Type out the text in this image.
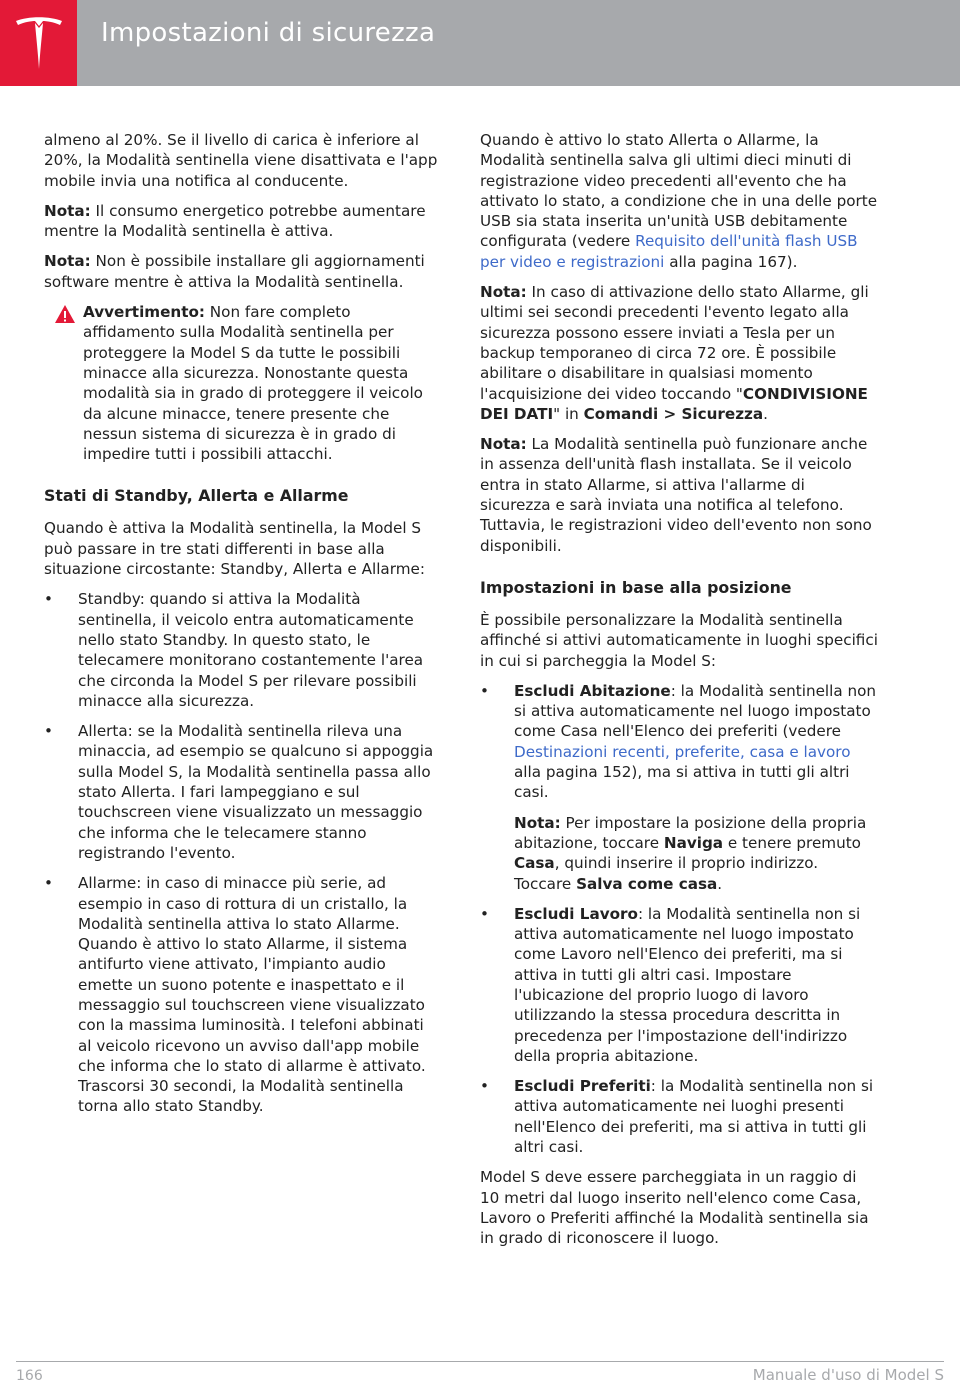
Impostazioni di sicurezza

almeno al 20%. Se il livello di carica è inferiore al 20%, la Modalità sentinella viene disattivata e l'app mobile invia una notifica al conducente.

Nota: Il consumo energetico potrebbe aumentare mentre la Modalità sentinella è attiva.

Nota: Non è possibile installare gli aggiornamenti software mentre è attiva la Modalità sentinella.

Avvertimento: Non fare completo affidamento sulla Modalità sentinella per proteggere la Model S da tutte le possibili minacce alla sicurezza. Nonostante questa modalità sia in grado di proteggere il veicolo da alcune minacce, tenere presente che nessun sistema di sicurezza è in grado di impedire tutti i possibili attacchi.
Stati di Standby, Allerta e Allarme

Quando è attiva la Modalità sentinella, la Model S può passare in tre stati differenti in base alla situazione circostante: Standby, Allerta e Allarme:

• Standby: quando si attiva la Modalità sentinella, il veicolo entra automaticamente nello stato Standby. In questo stato, le telecamere monitorano costantemente l'area che circonda la Model S per rilevare possibili minacce alla sicurezza.
• Allerta: se la Modalità sentinella rileva una minaccia, ad esempio se qualcuno si appoggia sulla Model S, la Modalità sentinella passa allo stato Allerta. I fari lampeggiano e sul touchscreen viene visualizzato un messaggio che informa che le telecamere stanno registrando l'evento.
• Allarme: in caso di minacce più serie, ad esempio in caso di rottura di un cristallo, la Modalità sentinella attiva lo stato Allarme. Quando è attivo lo stato Allarme, il sistema antifurto viene attivato, l'impianto audio emette un suono potente e inaspettato e il messaggio sul touchscreen viene visualizzato con la massima luminosità. I telefoni abbinati al veicolo ricevono un avviso dall'app mobile che informa che lo stato di allarme è attivato. Trascorsi 30 secondi, la Modalità sentinella torna allo stato Standby.

Quando è attivo lo stato Allerta o Allarme, la Modalità sentinella salva gli ultimi dieci minuti di registrazione video precedenti all'evento che ha attivato lo stato, a condizione che in una delle porte USB sia stata inserita un'unità USB debitamente configurata (vedere Requisito dell'unità flash USB per video e registrazioni alla pagina 167).

Nota: In caso di attivazione dello stato Allarme, gli ultimi sei secondi precedenti l'evento legato alla sicurezza possono essere inviati a Tesla per un backup temporaneo di circa 72 ore. È possibile abilitare o disabilitare in qualsiasi momento l'acquisizione dei video toccando "CONDIVISIONE DEI DATI" in Comandi > Sicurezza.

Nota: La Modalità sentinella può funzionare anche in assenza dell'unità flash installata. Se il veicolo entra in stato Allarme, si attiva l'allarme di sicurezza e sarà inviata una notifica al telefono. Tuttavia, le registrazioni video dell'evento non sono disponibili.

Impostazioni in base alla posizione

È possibile personalizzare la Modalità sentinella affinché si attivi automaticamente in luoghi specifici in cui si parcheggia la Model S:

• Escludi Abitazione: la Modalità sentinella non si attiva automaticamente nel luogo impostato come Casa nell'Elenco dei preferiti (vedere Destinazioni recenti, preferite, casa e lavoro alla pagina 152), ma si attiva in tutti gli altri casi.
Nota: Per impostare la posizione della propria abitazione, toccare Naviga e tenere premuto Casa, quindi inserire il proprio indirizzo. Toccare Salva come casa.
• Escludi Lavoro: la Modalità sentinella non si attiva automaticamente nel luogo impostato come Lavoro nell'Elenco dei preferiti, ma si attiva in tutti gli altri casi. Impostare l'ubicazione del proprio luogo di lavoro utilizzando la stessa procedura descritta in precedenza per l'impostazione dell'indirizzo della propria abitazione.
• Escludi Preferiti: la Modalità sentinella non si attiva automaticamente nei luoghi presenti nell'Elenco dei preferiti, ma si attiva in tutti gli altri casi.

Model S deve essere parcheggiata in un raggio di 10 metri dal luogo inserito nell'elenco come Casa, Lavoro o Preferiti affinché la Modalità sentinella sia in grado di riconoscere il luogo.

166	Manuale d'uso di Model S
